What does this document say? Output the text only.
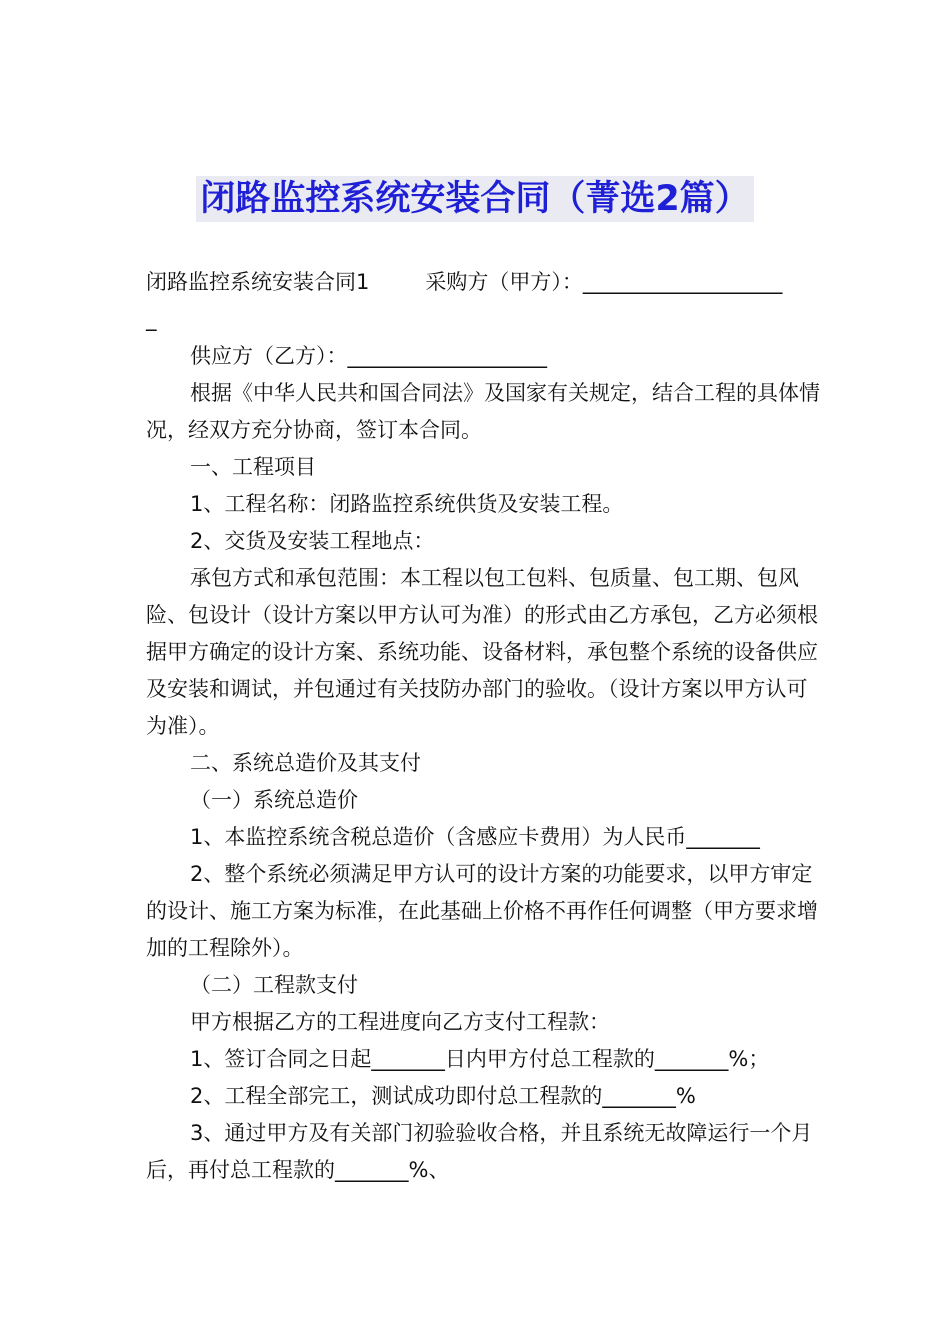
闭路监控系统安装合同（菁选2篇）

闭路监控系统安装合同1	采购方（甲方）：___________________

_

供应方（乙方）：___________________

根据《中华人民共和国合同法》及国家有关规定，结合工程的具体情况，经双方充分协商，签订本合同。

一、工程项目

1、工程名称：闭路监控系统供货及安装工程。

2、交货及安装工程地点：

承包方式和承包范围：本工程以包工包料、包质量、包工期、包风险、包设计（设计方案以甲方认可为准）的形式由乙方承包，乙方必须根据甲方确定的设计方案、系统功能、设备材料，承包整个系统的设备供应及安装和调试，并包通过有关技防办部门的验收。（设计方案以甲方认可为准）。

二、系统总造价及其支付

（一）系统总造价

1、本监控系统含税总造价（含感应卡费用）为人民币_______

2、整个系统必须满足甲方认可的设计方案的功能要求，以甲方审定的设计、施工方案为标准，在此基础上价格不再作任何调整（甲方要求增加的工程除外）。

（二）工程款支付

甲方根据乙方的工程进度向乙方支付工程款：

1、签订合同之日起_______日内甲方付总工程款的_______%；

2、工程全部完工，测试成功即付总工程款的_______%

3、通过甲方及有关部门初验验收合格，并且系统无故障运行一个月后，再付总工程款的_______%、
